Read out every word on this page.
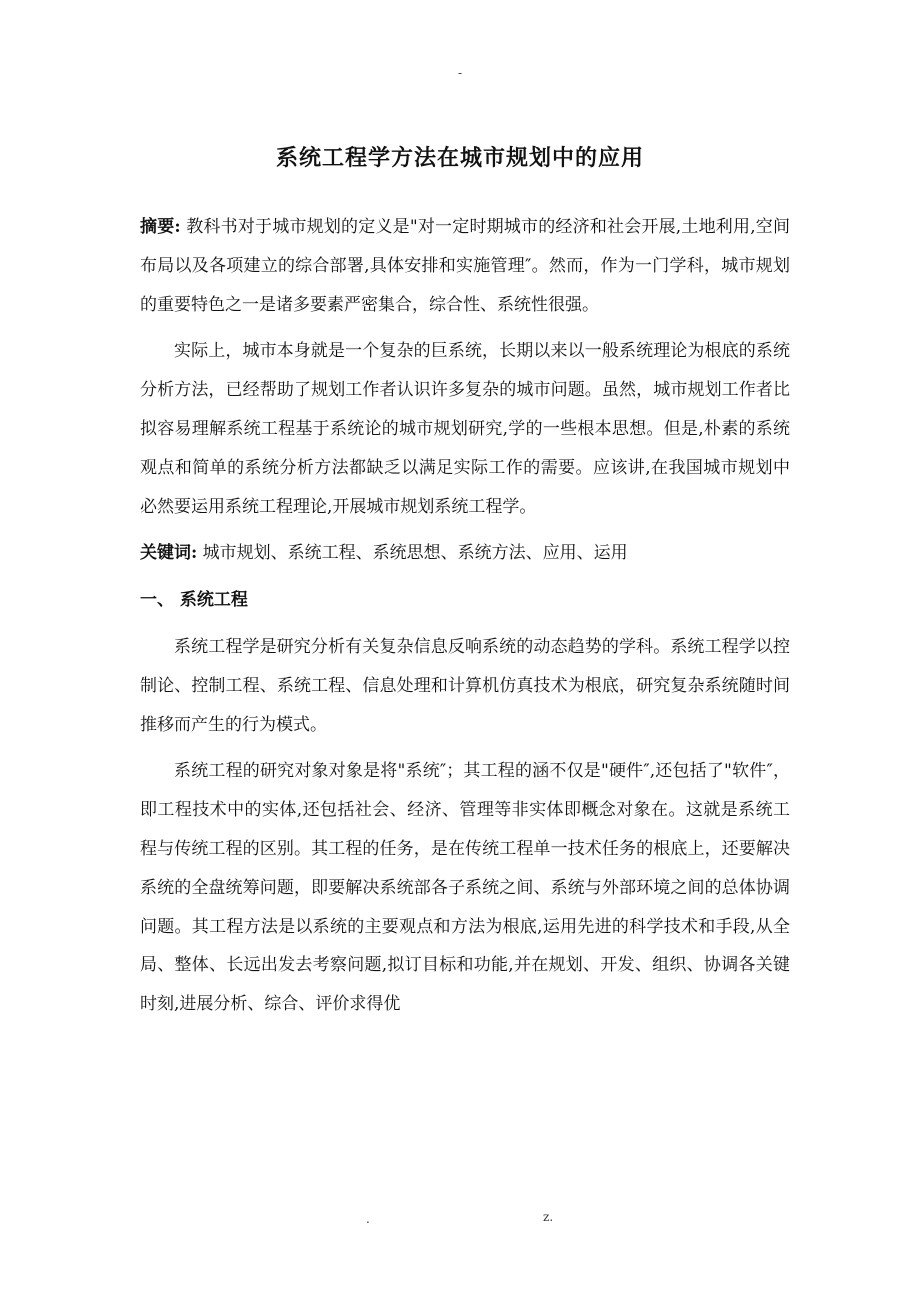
-
系统工程学方法在城市规划中的应用

摘要: 教科书对于城市规划的定义是"对一定时期城市的经济和社会开展,土地利用,空间布局以及各项建立的综合部署,具体安排和实施管理″。然而，作为一门学科，城市规划的重要特色之一是诸多要素严密集合，综合性、系统性很强。

实际上，城市本身就是一个复杂的巨系统，长期以来以一般系统理论为根底的系统分析方法，已经帮助了规划工作者认识许多复杂的城市问题。虽然，城市规划工作者比拟容易理解系统工程基于系统论的城市规划研究,学的一些根本思想。但是,朴素的系统观点和简单的系统分析方法都缺乏以满足实际工作的需要。应该讲,在我国城市规划中必然要运用系统工程理论,开展城市规划系统工程学。

关键词: 城市规划、系统工程、系统思想、系统方法、应用、运用

一、 系统工程

系统工程学是研究分析有关复杂信息反响系统的动态趋势的学科。系统工程学以控制论、控制工程、系统工程、信息处理和计算机仿真技术为根底，研究复杂系统随时间推移而产生的行为模式。

系统工程的研究对象对象是将"系统″；其工程的涵不仅是"硬件″,还包括了"软件″，即工程技术中的实体,还包括社会、经济、管理等非实体即概念对象在。这就是系统工程与传统工程的区别。其工程的任务，是在传统工程单一技术任务的根底上，还要解决系统的全盘统筹问题，即要解决系统部各子系统之间、系统与外部环境之间的总体协调问题。其工程方法是以系统的主要观点和方法为根底,运用先进的科学技术和手段,从全局、整体、长远出发去考察问题,拟订目标和功能,并在规划、开发、组织、协调各关键时刻,进展分析、综合、评价求得优

.	z.
